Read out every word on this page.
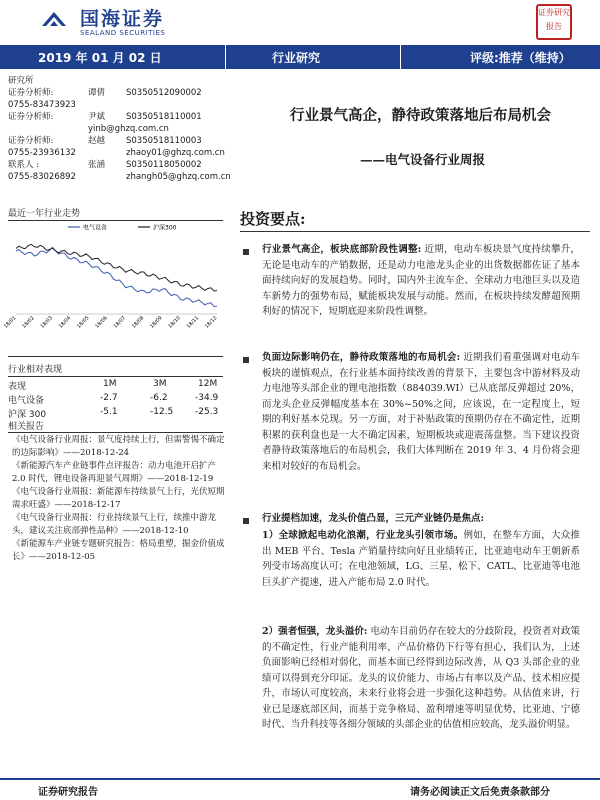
国海证券
SEALAND SECURITIES
证券研究报告
2019 年 01 月 02 日	行业研究	评级:推荐（维持）
研究所
证券分析师:	谭倩 S0350512090002
0755-83473923
证券分析师:	尹斌 S0350518110001
yinb@ghzq.com.cn
证券分析师:	赵越 S0350518110003
0755-23936132	zhaoy01@ghzq.com.cn
联系人 :	张涵 S0350118050002
0755-83026892	zhangh05@ghzq.com.cn
行业景气高企，静待政策落地后布局机会
——电气设备行业周报
最近一年行业走势
电气设备	沪深300
18/01 18/02 18/03 18/04 18/05 18/06 18/07 18/08 18/09 18/10 18/11 18/12
行业相对表现
表现	1M	3M	12M
电气设备	-2.7	-6.2	-34.9
沪深 300	-5.1	-12.5 -25.3
相关报告

《电气设备行业周报：景气度持续上行，但需警惕不确定的边际影响》——2018-12-24

《新能源汽车产业链事件点评报告：动力电池开启扩产 2.0 时代，锂电设备再迎景气周期》——2018-12-19

《电气设备行业周报：新能源车持续景气上行，光伏短期需求旺盛》——2018-12-17

《电气设备行业周报：行业持续景气上行，续推中游龙头，建议关注底部弹性品种》——2018-12-10

《新能源车产业链专题研究报告：格局重塑，掘金价值成长》——2018-12-05

投资要点:

行业景气高企，板块底部阶段性调整: 近期，电动车板块景气度持续攀升，无论是电动车的产销数据，还是动力电池龙头企业的出货数据都佐证了基本面持续向好的发展趋势。同时，国内外主流车企、全球动力电池巨头以及造车新势力的强势布局，赋能板块发展与动能。然而，在板块持续发酵超预期利好的情况下，短期底迎来阶段性调整。

负面边际影响仍在，静待政策落地的布局机会: 近期我们看重强调对电动车板块的谨慎观点，在行业基本面持续改善的背景下，主要包含中游材料及动力电池等头部企业的锂电池指数（884039.WI）已从底部反弹超过 20%，而龙头企业反弹幅度基本在 30%~50%之间，应该说，在一定程度上，短期的利好基本兑现。另一方面，对于补贴政策的预期仍存在不确定性，近期积累的获利盘也是一大不确定因素，短期板块或迎震荡盘整。当下建议投资者静待政策落地后的布局机会，我们大体判断在 2019 年 3、4 月份将会迎来相对较好的布局机会。

行业提档加速，龙头价值凸显，三元产业链仍是焦点:

1）全球掀起电动化浪潮，行业龙头引领市场。例如，在整车方面，大众推出 MEB 平台、Tesla 产销量持续向好且业绩转正，比亚迪电动车王朝新系列受市场高度认可；在电池领域，LG、三星、松下、CATL、比亚迪等电池巨头扩产提速，进入产能布局 2.0 时代。

2）强者恒强，龙头溢价: 电动车目前仍存在较大的分歧阶段，投资者对政策的不确定性，行业产能利用率，产品价格仍下行等有担心，我们认为，上述负面影响已经相对弱化，而基本面已经得到边际改善，从 Q3 头部企业的业绩可以得到充分印证。龙头的议价能力、市场占有率以及产品、技术相应提升，市场认可度较高，未来行业将会进一步强化这种趋势。从估值来讲，行业已是逐底部区间，而基于竞争格局、盈利增速等明显优势，比亚迪、宁德时代、当升科技等各细分领域的头部企业的估值相应较高，龙头溢价明显。

证券研究报告	请务必阅读正文后免责条款部分
